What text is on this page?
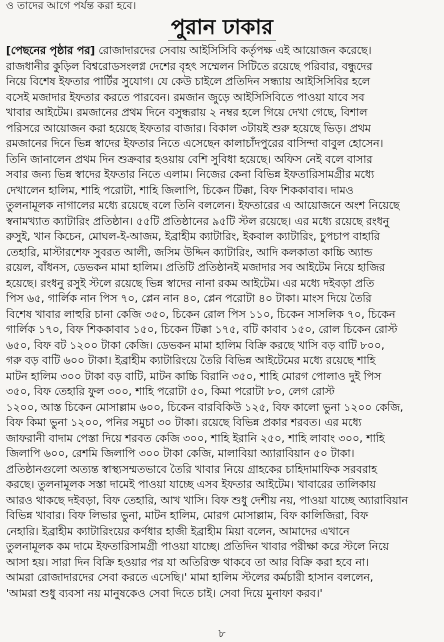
ও তাদের আগে পর্যন্ত করা হবে।
পুরান ঢাকার
[পেছনের পৃষ্ঠার পর] রোজাদারদের সেবায় আইসিসিবি কর্তৃপক্ষ এই আয়োজন করেছে।
রাজধানীর কুড়িল বিশ্বরোডসংলগ্ন দেশের বৃহৎ সম্মেলন সিটিতে রয়েছে পরিবার, বন্ধুদের
নিয়ে বিশেষ ইফতার পার্টির সুযোগ। যে কেউ চাইলে প্রতিদিন সন্ধ্যায় আইসিসিবির হলে
বসেই মজাদার ইফতার করতে পারবেন। রমজান জুড়ে আইসিসিবিতে পাওয়া যাবে সব
খাবার আইটেম। রমজানের প্রথম দিনে বসুন্ধরায় ২ নম্বর হলে গিয়ে দেখা গেছে, বিশাল
পরিসরে আয়োজন করা হয়েছে ইফতার বাজার। বিকাল ৩টায়ই শুরু হয়েছে ভিড়। প্রথম
রমজানের দিনে ভিন্ন স্বাদের ইফতার নিতে এসেছেন কালাচাঁদপুরের বাসিন্দা বাবুল হোসেন।
তিনি জানালেন প্রথম দিন শুক্রবার হওয়ায় বেশি সুবিধা হয়েছে। অফিস নেই বলে বাসার
সবার জন্য ভিন্ন স্বাদের ইফতার নিতে এলাম। নিজের কেনা বিভিন্ন ইফতারিসামগ্রীর মধ্যে
দেখালেন হালিম, শাহি পরোটা, শাহি জিলাপি, চিকেন টিক্কা, বিফ শিককাবাব। দামও
তুলনামূলক নাগালের মধ্যে রয়েছে বলে তিনি বললেন। ইফতারের এ আয়োজনে অংশ নিয়েছে
স্বনামখ্যাত ক্যাটারিং প্রতিষ্ঠান। ৫৫টি প্রতিষ্ঠানের ৯৫টি স্টল রয়েছে। এর মধ্যে রয়েছে রংধনু
রুসুই, খান কিচেন, মোঘল-ই-আজম, ইব্রাহীম ক্যাটারিং, ইকবাল ক্যাটারিং, চুপচাপ বাহারি
তেহারি, মাস্টারশেফ সুবরত আলী, জসিম উদ্দিন ক্যাটারিং, আদি কলকাতা কাচ্চি অ্যান্ড
রয়েল, বাঁধনস, ডেভকন মামা হালিম। প্রতিটি প্রতিষ্ঠানই মজাদার সব আইটেম নিয়ে হাজির
হয়েছে। রংধনু রসুই স্টলে রয়েছে ভিন্ন স্বাদের নানা রকম আইটেম। এর মধ্যে দইবড়া প্রতি
পিস ৬৫, গার্লিক নান পিস ৭০, প্লেন নান ৪০, প্লেন পরোটা ৪০ টাকা। মাংস দিয়ে তৈরি
বিশেষ খাবার লাহুরি চানা কেজি ৩৫০, চিকেন রোল পিস ১১০, চিকেন সাসলিক ৭০, চিকেন
গার্লিক ১৭০, বিফ শিককাবাব ১৫০, চিকেন টিক্কা ১৭৫, বটি কাবাব ১৫০, রোল চিকেন রোস্ট
৬৫০, বিফ বট ১২০০ টাকা কেজি। ডেভকন মামা হালিম বিক্রি করছে খাসি বড় বাটি ৮০০,
গরু বড় বাটি ৬০০ টাকা। ইব্রাহীম ক্যাটারিংয়ে তৈরি বিভিন্ন আইটেমের মধ্যে রয়েছে শাহি
মাটন হালিম ৩০০ টাকা বড় বাটি, মাটন কাচ্চি বিরানি ৩৫০, শাহি মোরগ পোলাও দুই পিস
৩৫০, বিফ তেহারি ফুল ৩০০, শাহি পরোটা ৫০, কিমা পরোটা ৮০, লেগ রোস্ট
১২০০, আস্ত চিকেন মোসাল্লাম ৬০০, চিকেন বারবিকিউ ১২৫, বিফ কালো ভুনা ১২০০ কেজি,
বিফ কিমা ভুনা ১২০০, পনির সমুচা ৩০ টাকা। রয়েছে বিভিন্ন প্রকার শরবত। এর মধ্যে
জাফরানী বাদাম পেস্তা দিয়ে শরবত কেজি ৩০০, শাহি ইরানি ২৫০, শাহি লাবাং ৩০০, শাহি
জিলাপি ৬০০, রেশমি জিলাপি ৩০০ টাকা কেজি, মালাবিয়া অ্যারাবিয়ান ৫০ টাকা।
প্রতিষ্ঠানগুলো অত্যন্ত স্বাস্থ্যসম্মতভাবে তৈরি খাবার নিয়ে গ্রাহকের চাহিদামাফিক সরবরাহ
করছে। তুলনামূলক সস্তা দামেই পাওয়া যাচ্ছে এসব ইফতার আইটেম। খাবারের তালিকায়
আরও থাকছে দইবড়া, বিফ তেহারি, আখ খাসি। বিফ শুধু দেশীয় নয়, পাওয়া যাচ্ছে অ্যারাবিয়ান
বিভিন্ন খাবার। বিফ লিভার ভুনা, মাটন হালিম, মোরগ মোসাল্লাম, বিফ কালিজিরা, বিফ
নেহারি। ইব্রাহীম ক্যাটারিংয়ের কর্ণধার হাজী ইব্রাহীম মিয়া বলেন, আমাদের এখানে
তুলনামূলক কম দামে ইফতারিসামগ্রী পাওয়া যাচ্ছে। প্রতিদিন খাবার পরীক্ষা করে স্টলে নিয়ে
আসা হয়। সারা দিন বিক্রি হওয়ার পর যা অতিরিক্ত থাকবে তা আর বিক্রি করা হবে না।
আমরা রোজাদারদের সেবা করতে এসেছি।' মামা হালিম স্টলের কর্মচারী হাসান বললেন,
'আমরা শুধু ব্যবসা নয় মানুষকেও সেবা দিতে চাই। সেবা দিয়ে মুনাফা করব।'
৮
